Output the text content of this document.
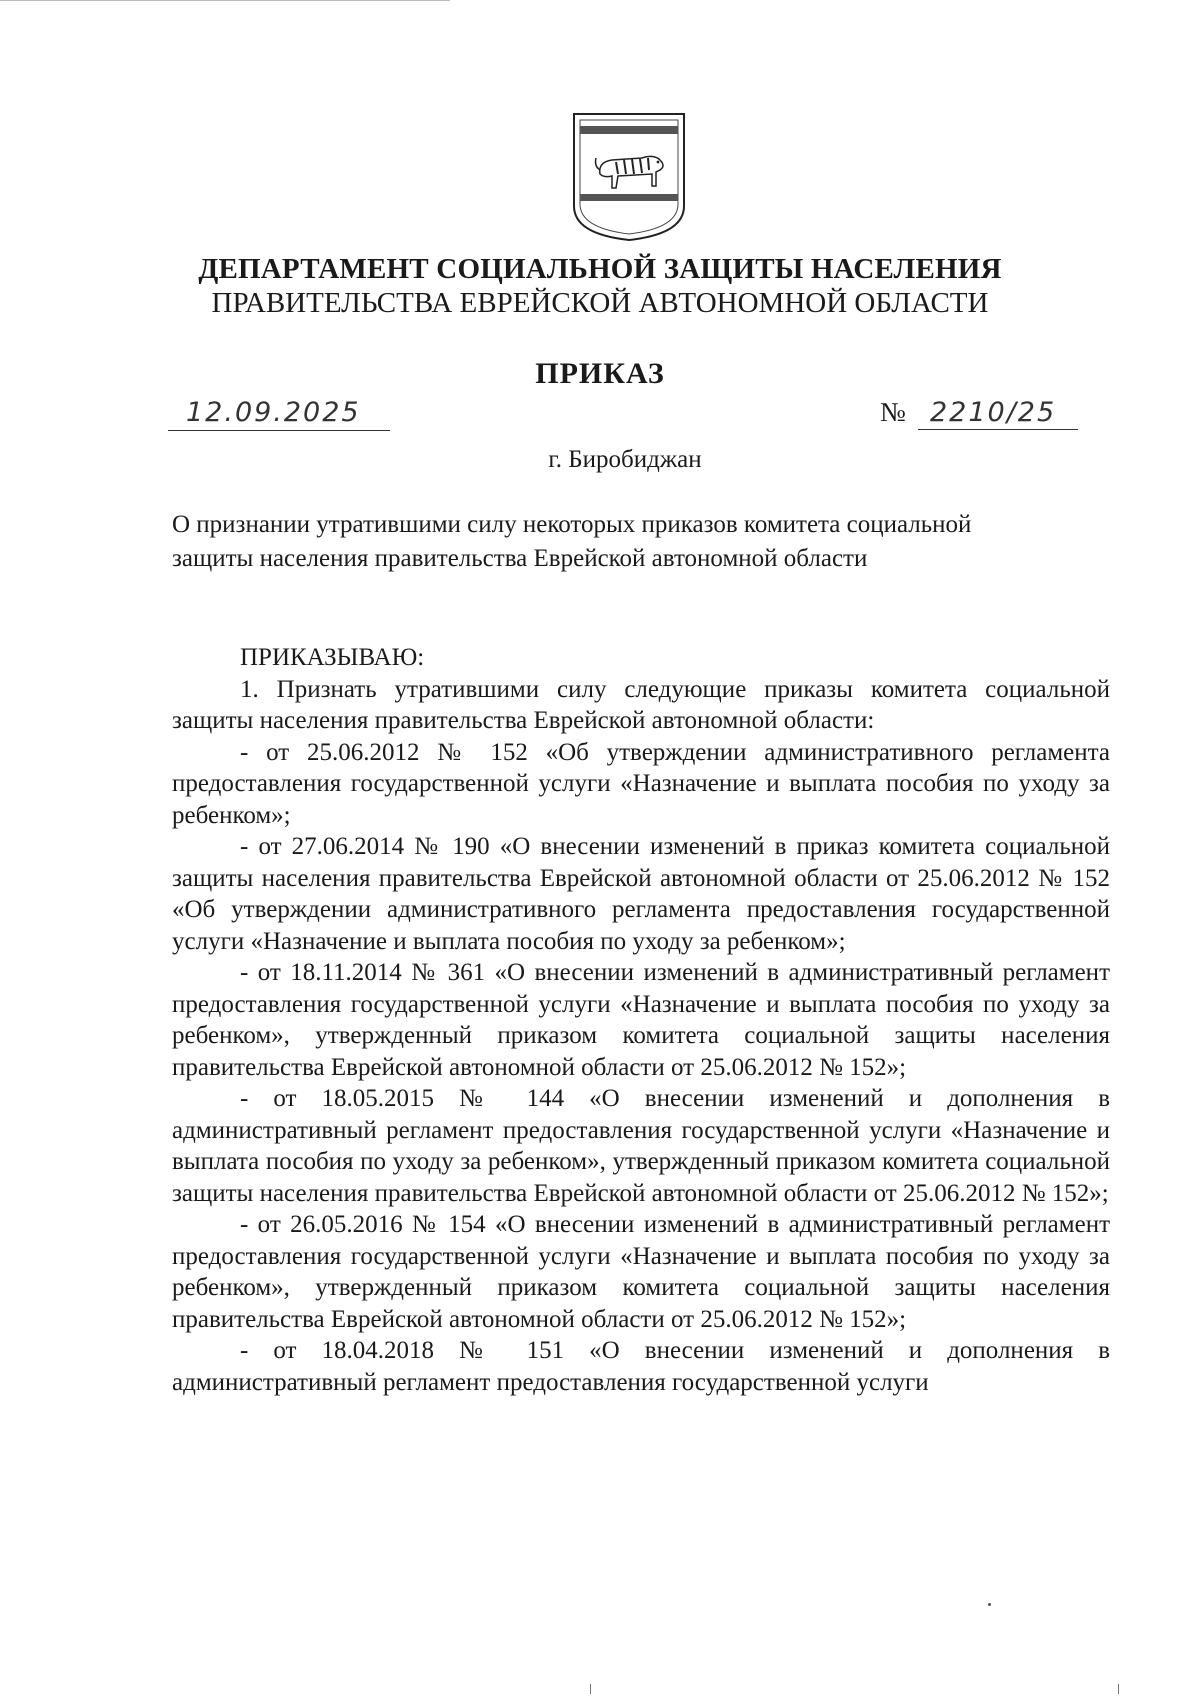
ДЕПАРТАМЕНТ СОЦИАЛЬНОЙ ЗАЩИТЫ НАСЕЛЕНИЯ
ПРАВИТЕЛЬСТВА ЕВРЕЙСКОЙ АВТОНОМНОЙ ОБЛАСТИ
ПРИКАЗ
12.09.2025	№ 2210/25
г. Биробиджан
О признании утратившими силу некоторых приказов комитета социальной
защиты населения правительства Еврейской автономной области

ПРИКАЗЫВАЮ:

1. Признать утратившими силу следующие приказы комитета социальной защиты населения правительства Еврейской автономной области:

- от 25.06.2012 № 152 «Об утверждении административного регламента предоставления государственной услуги «Назначение и выплата пособия по уходу за ребенком»;

- от 27.06.2014 № 190 «О внесении изменений в приказ комитета социальной защиты населения правительства Еврейской автономной области от 25.06.2012 № 152 «Об утверждении административного регламента предоставления государственной услуги «Назначение и выплата пособия по уходу за ребенком»;

- от 18.11.2014 № 361 «О внесении изменений в административный регламент предоставления государственной услуги «Назначение и выплата пособия по уходу за ребенком», утвержденный приказом комитета социальной защиты населения правительства Еврейской автономной области от 25.06.2012 № 152»;

- от 18.05.2015 № 144 «О внесении изменений и дополнения в административный регламент предоставления государственной услуги «Назначение и выплата пособия по уходу за ребенком», утвержденный приказом комитета социальной защиты населения правительства Еврейской автономной области от 25.06.2012 № 152»;

- от 26.05.2016 № 154 «О внесении изменений в административный регламент предоставления государственной услуги «Назначение и выплата пособия по уходу за ребенком», утвержденный приказом комитета социальной защиты населения правительства Еврейской автономной области от 25.06.2012 № 152»;

- от 18.04.2018 № 151 «О внесении изменений и дополнения в административный регламент предоставления государственной услуги
